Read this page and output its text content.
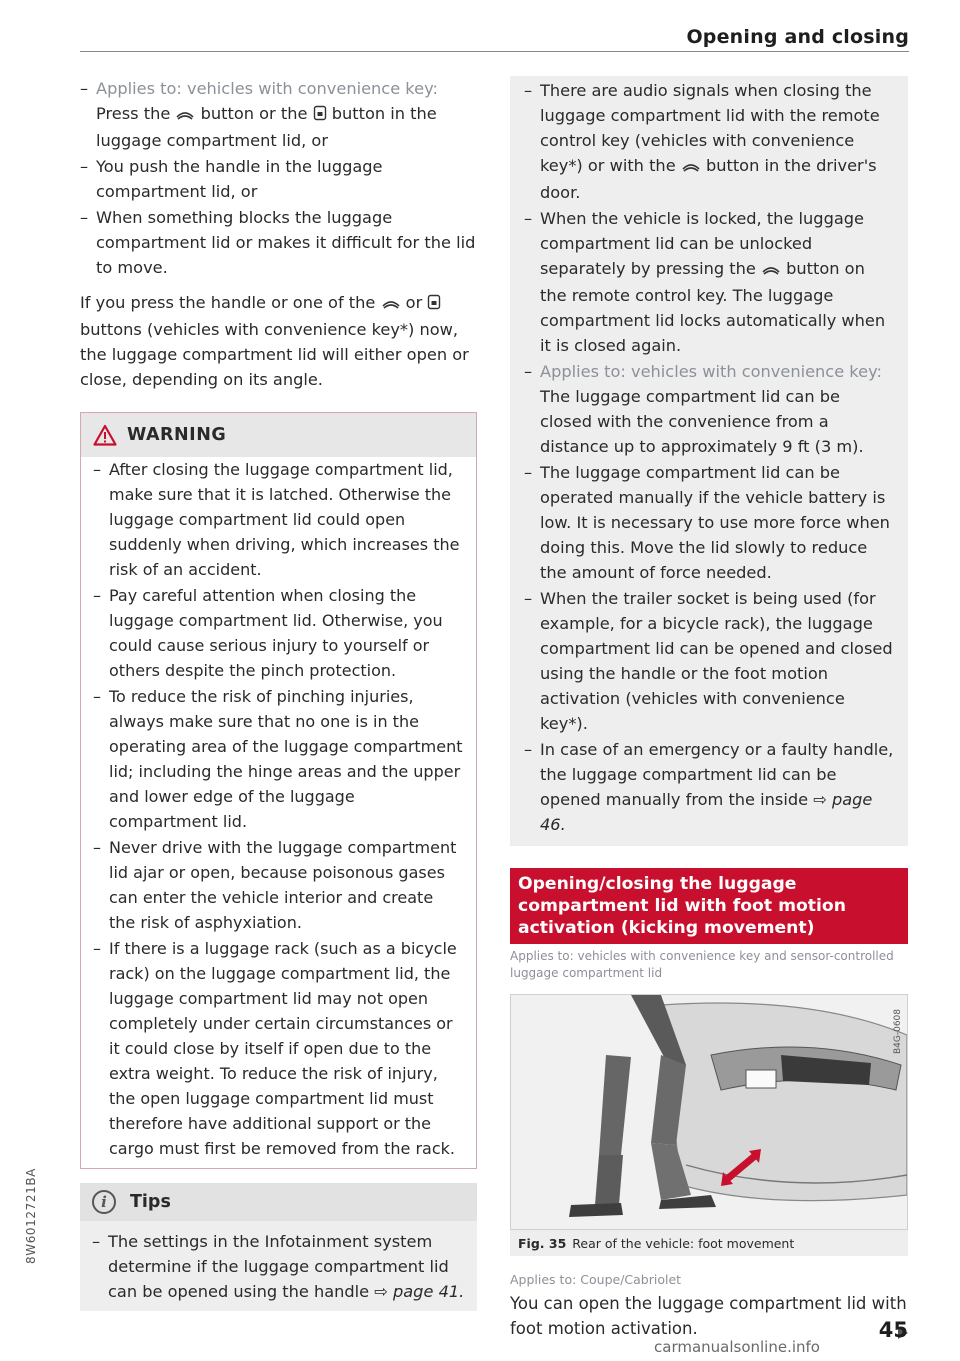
Opening and closing
– Applies to: vehicles with convenience key: Press the  button or the  button in the luggage compartment lid, or
– You push the handle in the luggage compartment lid, or
– When something blocks the luggage compartment lid or makes it difficult for the lid to move.

If you press the handle or one of the  or  buttons (vehicles with convenience key*) now, the luggage compartment lid will either open or close, depending on its angle.

WARNING
– After closing the luggage compartment lid, make sure that it is latched. Otherwise the luggage compartment lid could open suddenly when driving, which increases the risk of an accident.
– Pay careful attention when closing the luggage compartment lid. Otherwise, you could cause serious injury to yourself or others despite the pinch protection.
– To reduce the risk of pinching injuries, always make sure that no one is in the operating area of the luggage compartment lid; including the hinge areas and the upper and lower edge of the luggage compartment lid.
– Never drive with the luggage compartment lid ajar or open, because poisonous gases can enter the vehicle interior and create the risk of asphyxiation.
– If there is a luggage rack (such as a bicycle rack) on the luggage compartment lid, the luggage compartment lid may not open completely under certain circumstances or it could close by itself if open due to the extra weight. To reduce the risk of injury, the open luggage compartment lid must therefore have additional support or the cargo must first be removed from the rack.
i	Tips
– The settings in the Infotainment system determine if the luggage compartment lid can be opened using the handle ⇨ page 41.
– There are audio signals when closing the luggage compartment lid with the remote control key (vehicles with convenience key*) or with the  button in the driver's door.
– When the vehicle is locked, the luggage compartment lid can be unlocked separately by pressing the  button on the remote control key. The luggage compartment lid locks automatically when it is closed again.
– Applies to: vehicles with convenience key:
The luggage compartment lid can be closed with the convenience from a distance up to approximately 9 ft (3 m).
– The luggage compartment lid can be operated manually if the vehicle battery is low. It is necessary to use more force when doing this. Move the lid slowly to reduce the amount of force needed.
– When the trailer socket is being used (for example, for a bicycle rack), the luggage compartment lid can be opened and closed using the handle or the foot motion activation (vehicles with convenience key*).
– In case of an emergency or a faulty handle, the luggage compartment lid can be opened manually from the inside ⇨ page 46.
Opening/closing the luggage compartment lid with foot motion activation (kicking movement)
Applies to: vehicles with convenience key and sensor-controlled luggage compartment lid
B4G-0608
Fig. 35 Rear of the vehicle: foot movement
Applies to: Coupe/Cabriolet
You can open the luggage compartment lid with foot motion activation.
8W6012721BA
45
carmanualsonline.info
